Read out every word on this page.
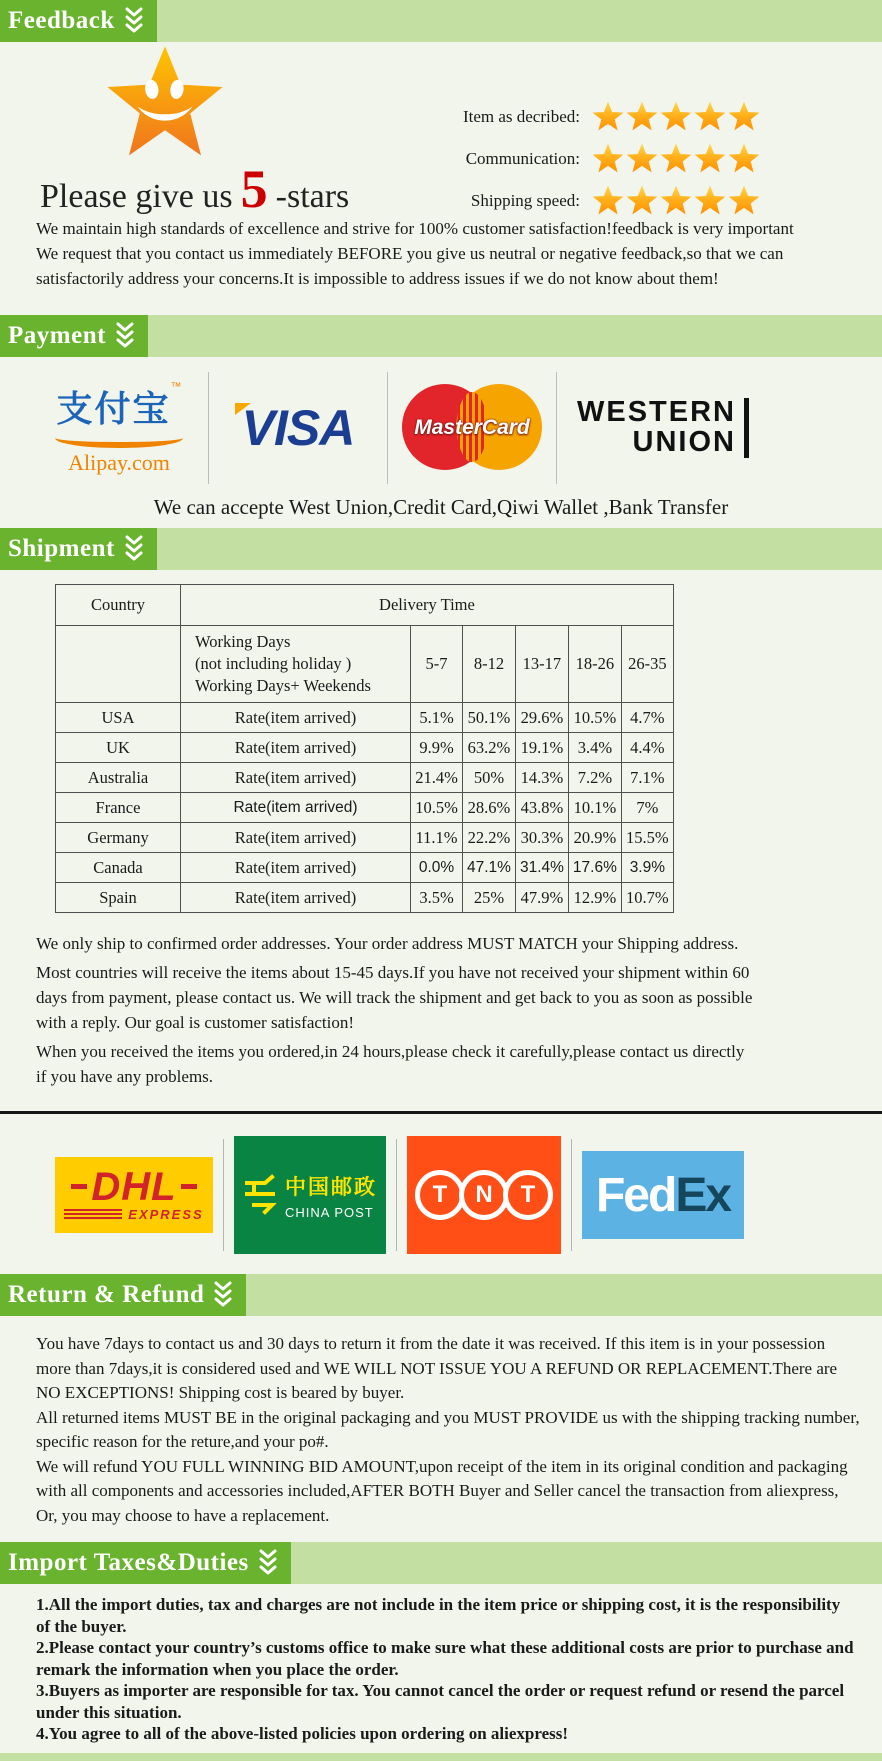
Feedback
Please give us 5 -stars
Item as decribed:
Communication:
Shipping speed:
We maintain high standards of excellence and strive for 100% customer satisfaction!feedback is very important
We request that you contact us immediately BEFORE you give us neutral or negative feedback,so that we can
satisfactorily address your concerns.It is impossible to address issues if we do not know about them!
Payment
支付宝™
Alipay.com
VISA	MasterCard	WESTERN
UNION
We can accepte West Union,Credit Card,Qiwi Wallet ,Bank Transfer
Shipment
Country	Delivery Time					

	Working Days
(not including holiday )
Working Days+ Weekends	5-7	8-12	13-17	18-26	26-35
USA	Rate(item arrived)	5.1%	50.1%	29.6%	10.5%	4.7%
UK	Rate(item arrived)	9.9%	63.2%	19.1%	3.4%	4.4%
Australia	Rate(item arrived)	21.4%	50%	14.3%	7.2%	7.1%
France	Rate(item arrived)	10.5%	28.6%	43.8%	10.1%	7%
Germany	Rate(item arrived)	11.1%	22.2%	30.3%	20.9%	15.5%
Canada	Rate(item arrived)	0.0%	47.1%	31.4%	17.6%	3.9%
Spain	Rate(item arrived)	3.5%	25%	47.9%	12.9%	10.7%
We only ship to confirmed order addresses. Your order address MUST MATCH your Shipping address.
Most countries will receive the items about 15-45 days.If you have not received your shipment within 60
days from payment, please contact us. We will track the shipment and get back to you as soon as possible
with a reply. Our goal is customer satisfaction!
When you received the items you ordered,in 24 hours,please check it carefully,please contact us directly
if you have any problems.
DHL
EXPRESS
中国邮政
CHINA POST
T	N	T	Fed Ex
Return & Refund
You have 7days to contact us and 30 days to return it from the date it was received. If this item is in your possession
more than 7days,it is considered used and WE WILL NOT ISSUE YOU A REFUND OR REPLACEMENT.There are
NO EXCEPTIONS! Shipping cost is beared by buyer.
All returned items MUST BE in the original packaging and you MUST PROVIDE us with the shipping tracking number,
specific reason for the reture,and your po#.
We will refund YOU FULL WINNING BID AMOUNT,upon receipt of the item in its original condition and packaging
with all components and accessories included,AFTER BOTH Buyer and Seller cancel the transaction from aliexpress,
Or, you may choose to have a replacement.
Import Taxes&Duties
1.All the import duties, tax and charges are not include in the item price or shipping cost, it is the responsibility
of the buyer.
2.Please contact your country’s customs office to make sure what these additional costs are prior to purchase and
remark the information when you place the order.
3.Buyers as importer are responsible for tax. You cannot cancel the order or request refund or resend the parcel
under this situation.
4.You agree to all of the above-listed policies upon ordering on aliexpress!
